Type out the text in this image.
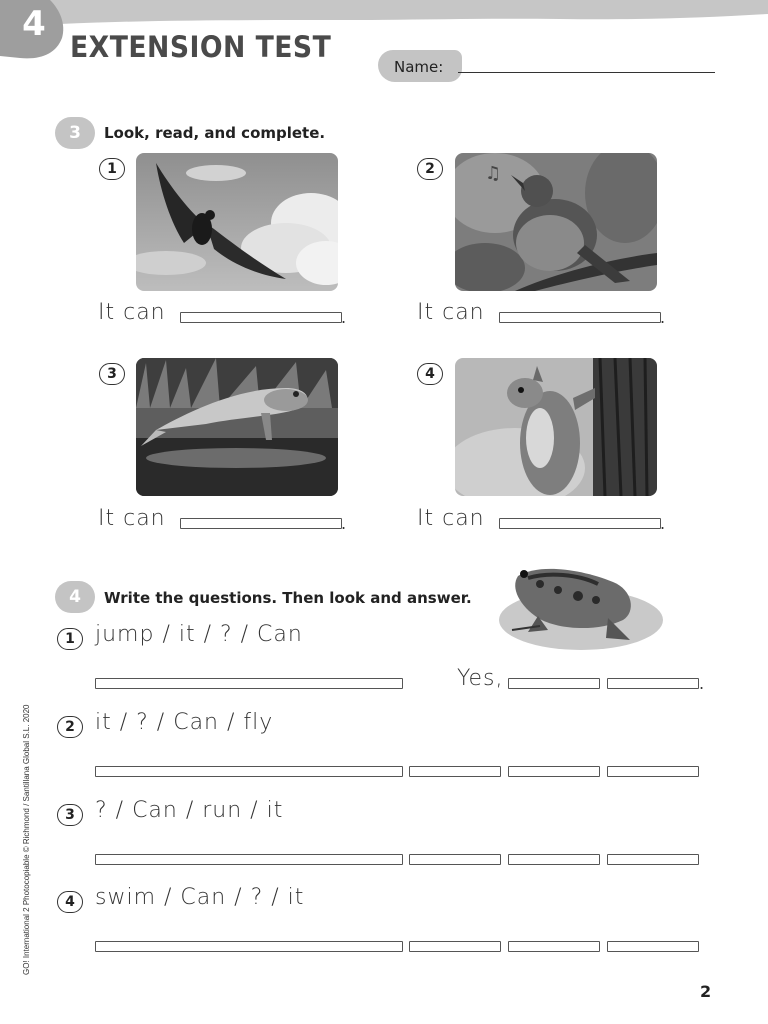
4
EXTENSION TEST
Name:
3	Look, read, and complete.
1
It can	.
2	♫
It can	.
3
It can	.
4
It can	.
4	Write the questions. Then look and answer.
1 jump / it / ? / Can
Yes,	.
2 it / ? / Can / fly
3 ? / Can / run / it
4 swim / Can / ? / it
GO! International 2 Photocopiable © Richmond / Santillana Global S.L. 2020
2
